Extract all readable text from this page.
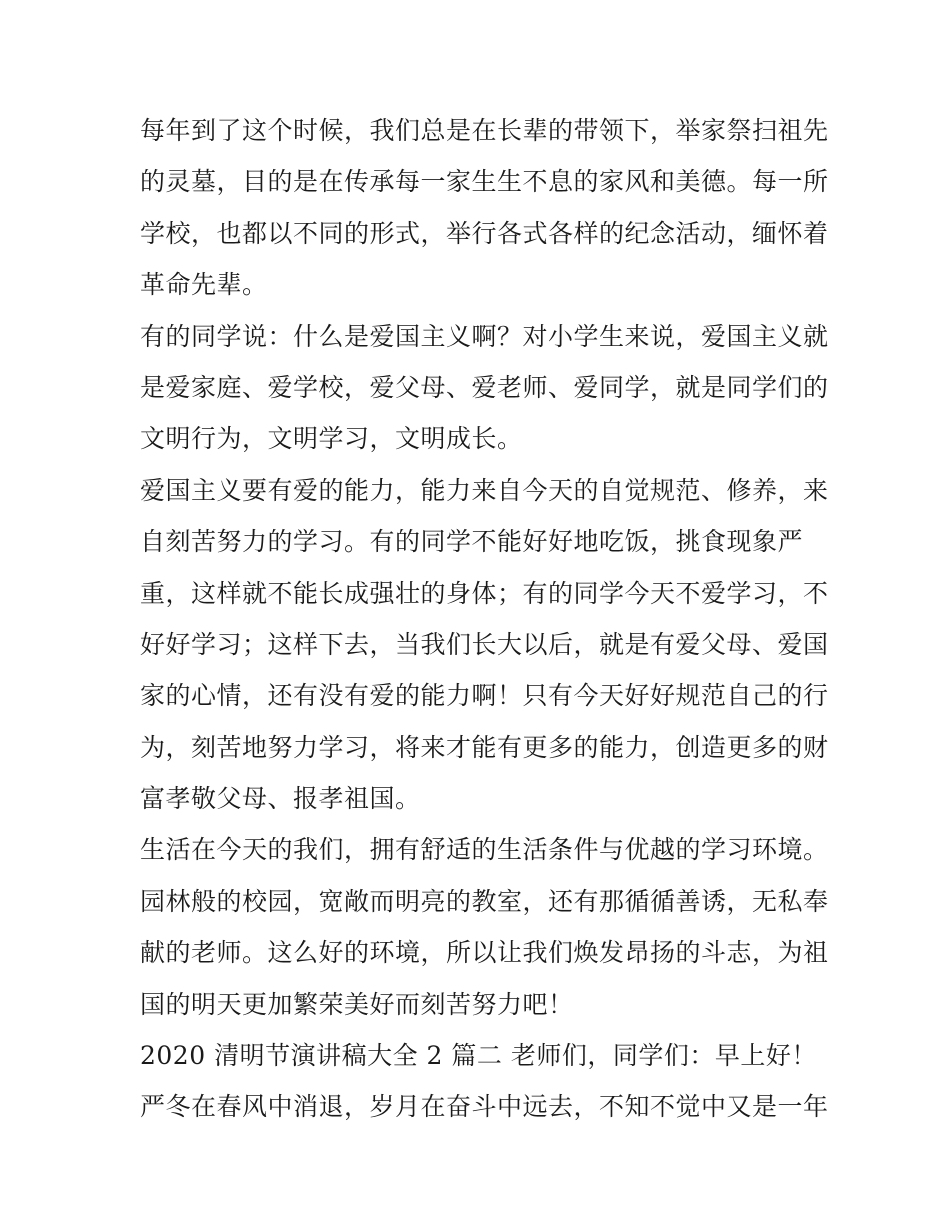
每年到了这个时候，我们总是在长辈的带领下，举家祭扫祖先
的灵墓，目的是在传承每一家生生不息的家风和美德。每一所
学校，也都以不同的形式，举行各式各样的纪念活动，缅怀着
革命先辈。
有的同学说：什么是爱国主义啊？对小学生来说，爱国主义就
是爱家庭、爱学校，爱父母、爱老师、爱同学，就是同学们的
文明行为，文明学习，文明成长。
爱国主义要有爱的能力，能力来自今天的自觉规范、修养，来
自刻苦努力的学习。有的同学不能好好地吃饭，挑食现象严
重，这样就不能长成强壮的身体；有的同学今天不爱学习，不
好好学习；这样下去，当我们长大以后，就是有爱父母、爱国
家的心情，还有没有爱的能力啊！只有今天好好规范自己的行
为，刻苦地努力学习，将来才能有更多的能力，创造更多的财
富孝敬父母、报孝祖国。
生活在今天的我们，拥有舒适的生活条件与优越的学习环境。
园林般的校园，宽敞而明亮的教室，还有那循循善诱，无私奉
献的老师。这么好的环境，所以让我们焕发昂扬的斗志，为祖
国的明天更加繁荣美好而刻苦努力吧！
2020 清明节演讲稿大全 2 篇二 老师们，同学们：早上好！
严冬在春风中消退，岁月在奋斗中远去，不知不觉中又是一年
